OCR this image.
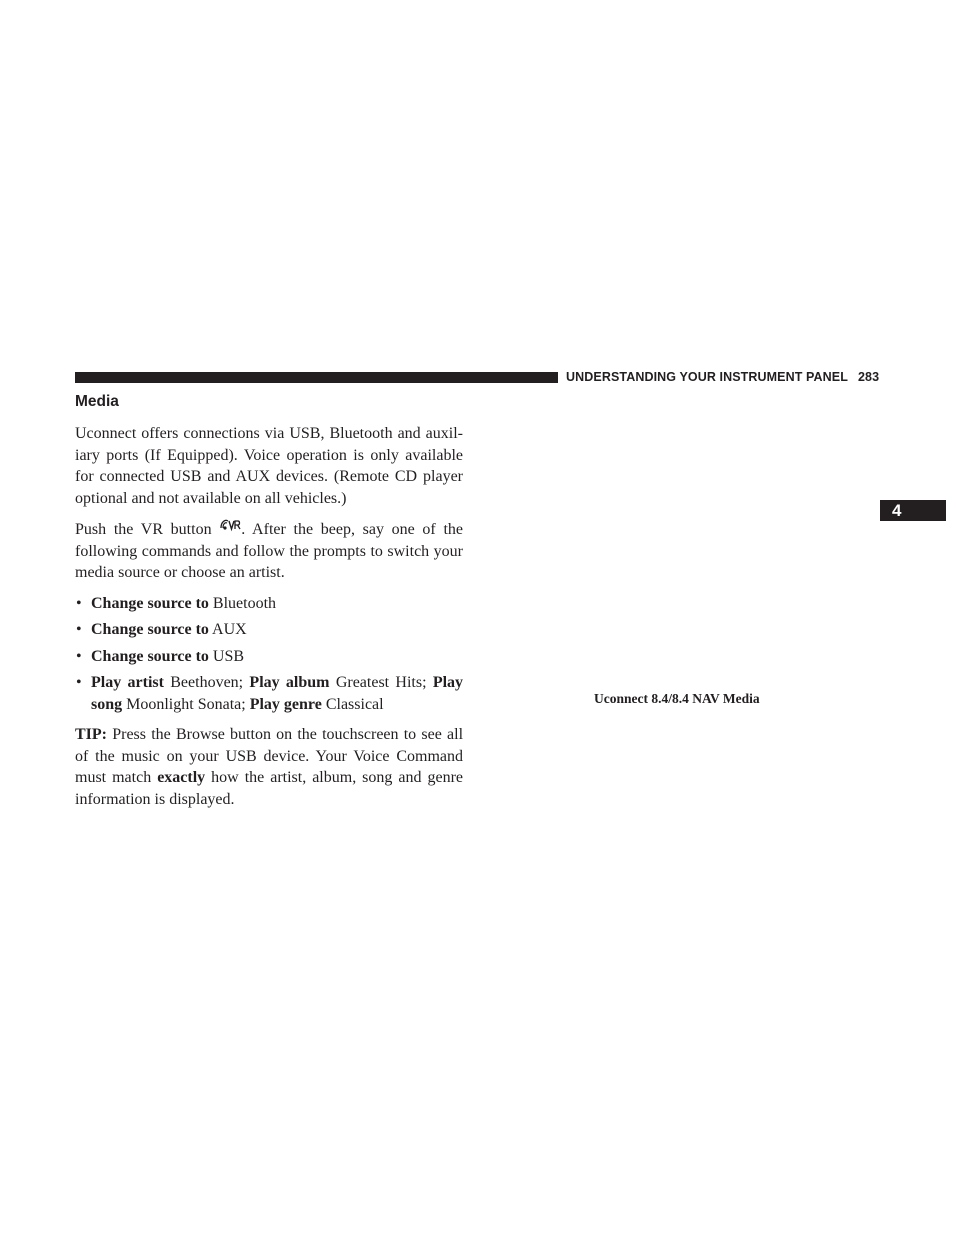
UNDERSTANDING YOUR INSTRUMENT PANEL 283
4
Media

Uconnect offers connections via USB, Bluetooth and auxil-iary ports (If Equipped). Voice operation is only available for connected USB and AUX devices. (Remote CD player optional and not available on all vehicles.)

Push the VR button . After the beep, say one of the following commands and follow the prompts to switch your media source or choose an artist.

• Change source to Bluetooth
• Change source to AUX
• Change source to USB
• Play artist Beethoven; Play album Greatest Hits; Play song Moonlight Sonata; Play genre Classical

TIP: Press the Browse button on the touchscreen to see all of the music on your USB device. Your Voice Command must match exactly how the artist, album, song and genre information is displayed.

Uconnect 8.4/8.4 NAV Media
